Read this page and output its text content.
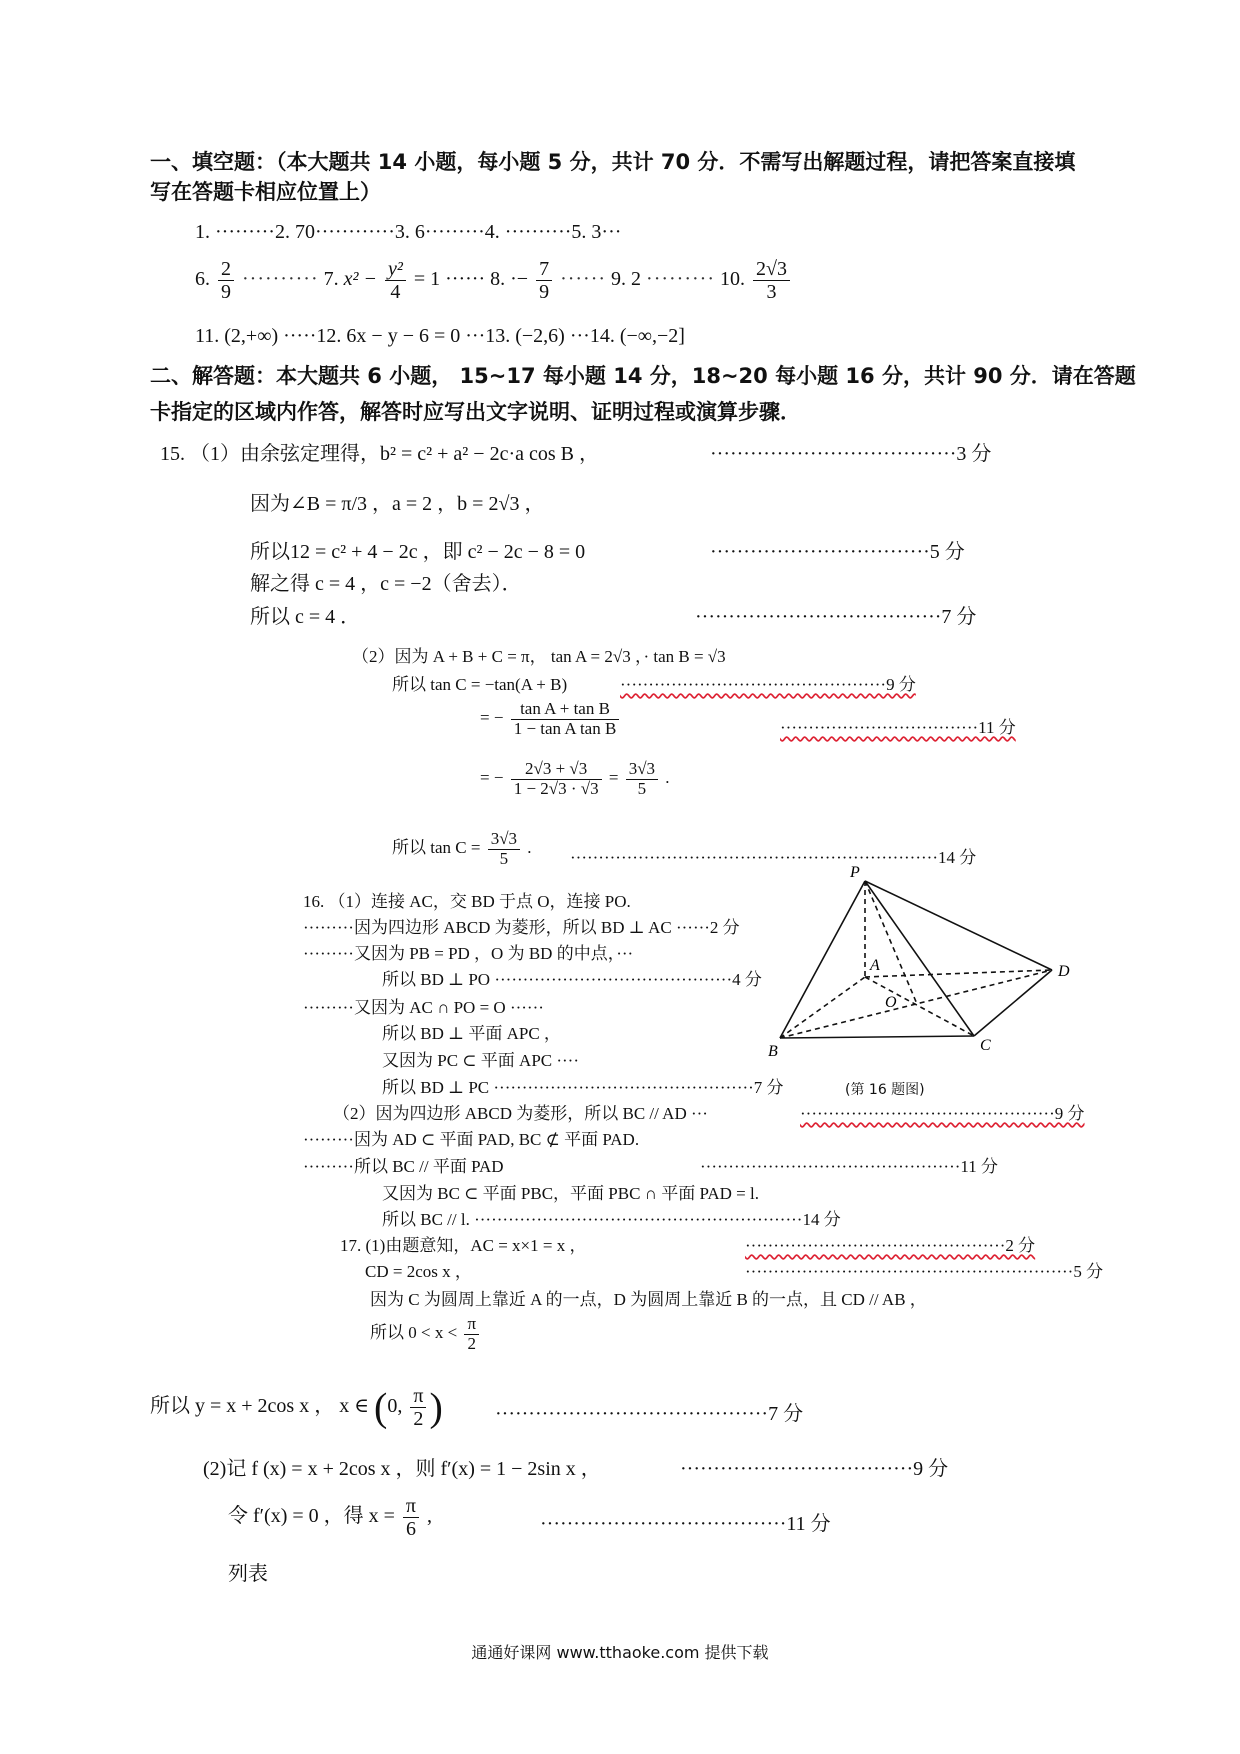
一、填空题：（本大题共 14 小题，每小题 5 分，共计 70 分．不需写出解题过程，请把答案直接填
写在答题卡相应位置上）
1. ·········2. 70············3. 6·········4. ··········5. 3···
6. $\frac{2}{9}$ ·········· 7. $x^2 - \frac{\text{y²}}{4} = 1$ ······ 8. ·− $\frac{7}{9}$ ······ 9. 2 ········· 10. $\frac{2√3}{3}$
11. (2,+∞) ·····12. 6x − y − 6 = 0 ···13. (−2,6) ···14. (−∞,−2]
二、解答题：本大题共 6 小题， 15~17 每小题 14 分，18~20 每小题 16 分，共计 90 分．请在答题
卡指定的区域内作答，解答时应写出文字说明、证明过程或演算步骤．
15. （1）由余弦定理得，b² = c² + a² − 2c·a cos B ，	·····································3 分
因为∠B = π/3 ，a = 2 ，b = 2√3 ，
所以12 = c² + 4 − 2c ，即 c² − 2c − 8 = 0	·································5 分
解之得 c = 4 ，c = −2（舍去）．
所以 c = 4 ．	·····································7 分
（2）因为 A + B + C = π， tan A = 2√3 ，· tan B = √3
所以 tan C = −tan(A + B)	···············································9 分
= − $\frac{\text{tan A + tan B}}{\text{1 − tan A tan B}}$	···································11 分
= − $\frac{2√3 + √3}{1 - 2√3 \cdot √3} = \frac{3√3}{5}$ .
所以 $\tan C = \frac{3√3}{5}$ .
·································································14 分
16. （1）连接 AC，交 BD 于点 O，连接 PO.
·········因为四边形 ABCD 为菱形，所以 BD ⊥ AC ······2 分
·········又因为 PB = PD ，O 为 BD 的中点，···
所以 BD ⊥ PO ··········································4 分
·········又因为 AC ∩ PO = O ······
所以 BD ⊥ 平面 APC ，
又因为 PC ⊂ 平面 APC ····
所以 BD ⊥ PC ··············································7 分
P
A	D
O
B	C
(第 16 题图)
（2）因为四边形 ABCD 为菱形，所以 BC // AD ···	·············································9 分
·········因为 AD ⊂ 平面 PAD, BC ⊄ 平面 PAD.
·········所以 BC // 平面 PAD	··············································11 分
又因为 BC ⊂ 平面 PBC，平面 PBC ∩ 平面 PAD = l.
所以 BC // l. ··························································14 分
17. (1)由题意知，AC = x×1 = x ，	··············································2 分
CD = 2cos x ，	··························································5 分
因为 C 为圆周上靠近 A 的一点，D 为圆周上靠近 B 的一点，且 CD // AB ，
所以 $0 < x < \frac{\pi}{2}$
所以 y = x + 2cos x ， x ∈ (0, $\frac{\pi}{2}$ )	·········································7 分
(2)记 f (x) = x + 2cos x ，则 f′(x) = 1 − 2sin x ，	···································9 分
令 f′(x) = 0 ，得 $x = \frac{\pi}{6}$ ,	·····································11 分
列表
通通好课网 www.tthaoke.com 提供下载
